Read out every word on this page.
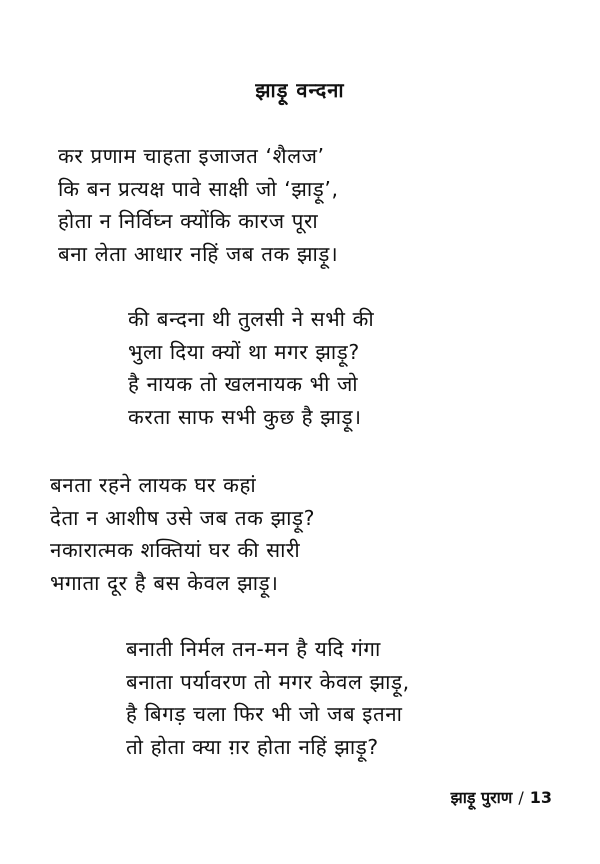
झाड़ू वन्दना
कर प्रणाम चाहता इजाजत ‘शैलज’
कि बन प्रत्यक्ष पावे साक्षी जो ‘झाड़ू’,
होता न निर्विघ्न क्योंकि कारज पूरा
बना लेता आधार नहिं जब तक झाड़ू।
की बन्दना थी तुलसी ने सभी की
भुला दिया क्यों था मगर झाड़ू?
है नायक तो खलनायक भी जो
करता साफ सभी कुछ है झाड़ू।
बनता रहने लायक घर कहां
देता न आशीष उसे जब तक झाड़ू?
नकारात्मक शक्तियां घर की सारी
भगाता दूर है बस केवल झाड़ू।
बनाती निर्मल तन-मन है यदि गंगा
बनाता पर्यावरण तो मगर केवल झाड़ू,
है बिगड़ चला फिर भी जो जब इतना
तो होता क्या ग़र होता नहिं झाड़ू?
झाड़ू पुराण / 13
